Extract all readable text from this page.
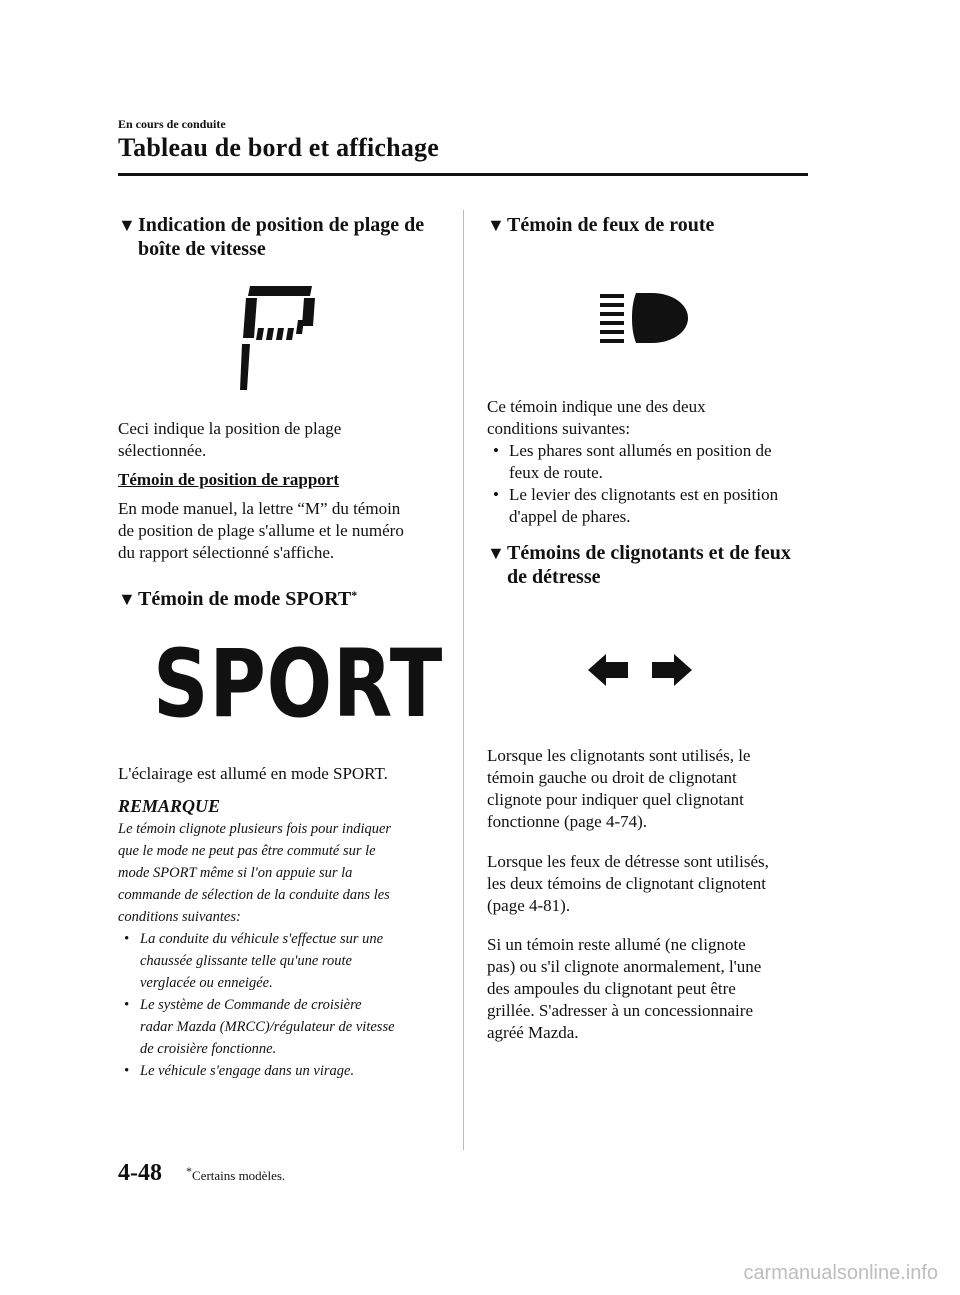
En cours de conduite
Tableau de bord et affichage
▼ Indication de position de plage de
boîte de vitesse
Ceci indique la position de plage
sélectionnée.
Témoin de position de rapport
En mode manuel, la lettre “M” du témoin
de position de plage s'allume et le numéro
du rapport sélectionné s'affiche.
▼ Témoin de mode SPORT*
SPORT
L'éclairage est allumé en mode SPORT.
REMARQUE
Le témoin clignote plusieurs fois pour indiquer
que le mode ne peut pas être commuté sur le
mode SPORT même si l'on appuie sur la
commande de sélection de la conduite dans les
conditions suivantes:
• La conduite du véhicule s'effectue sur une
chaussée glissante telle qu'une route
verglacée ou enneigée.
• Le système de Commande de croisière
radar Mazda (MRCC)/régulateur de vitesse
de croisière fonctionne.
• Le véhicule s'engage dans un virage.
▼ Témoin de feux de route
Ce témoin indique une des deux
conditions suivantes:
• Les phares sont allumés en position de
feux de route.
• Le levier des clignotants est en position
d'appel de phares.
▼ Témoins de clignotants et de feux
de détresse
Lorsque les clignotants sont utilisés, le
témoin gauche ou droit de clignotant
clignote pour indiquer quel clignotant
fonctionne (page 4-74).
Lorsque les feux de détresse sont utilisés,
les deux témoins de clignotant clignotent
(page 4-81).
Si un témoin reste allumé (ne clignote
pas) ou s'il clignote anormalement, l'une
des ampoules du clignotant peut être
grillée. S'adresser à un concessionnaire
agréé Mazda.
4-48 *Certains modèles.
carmanualsonline.info
